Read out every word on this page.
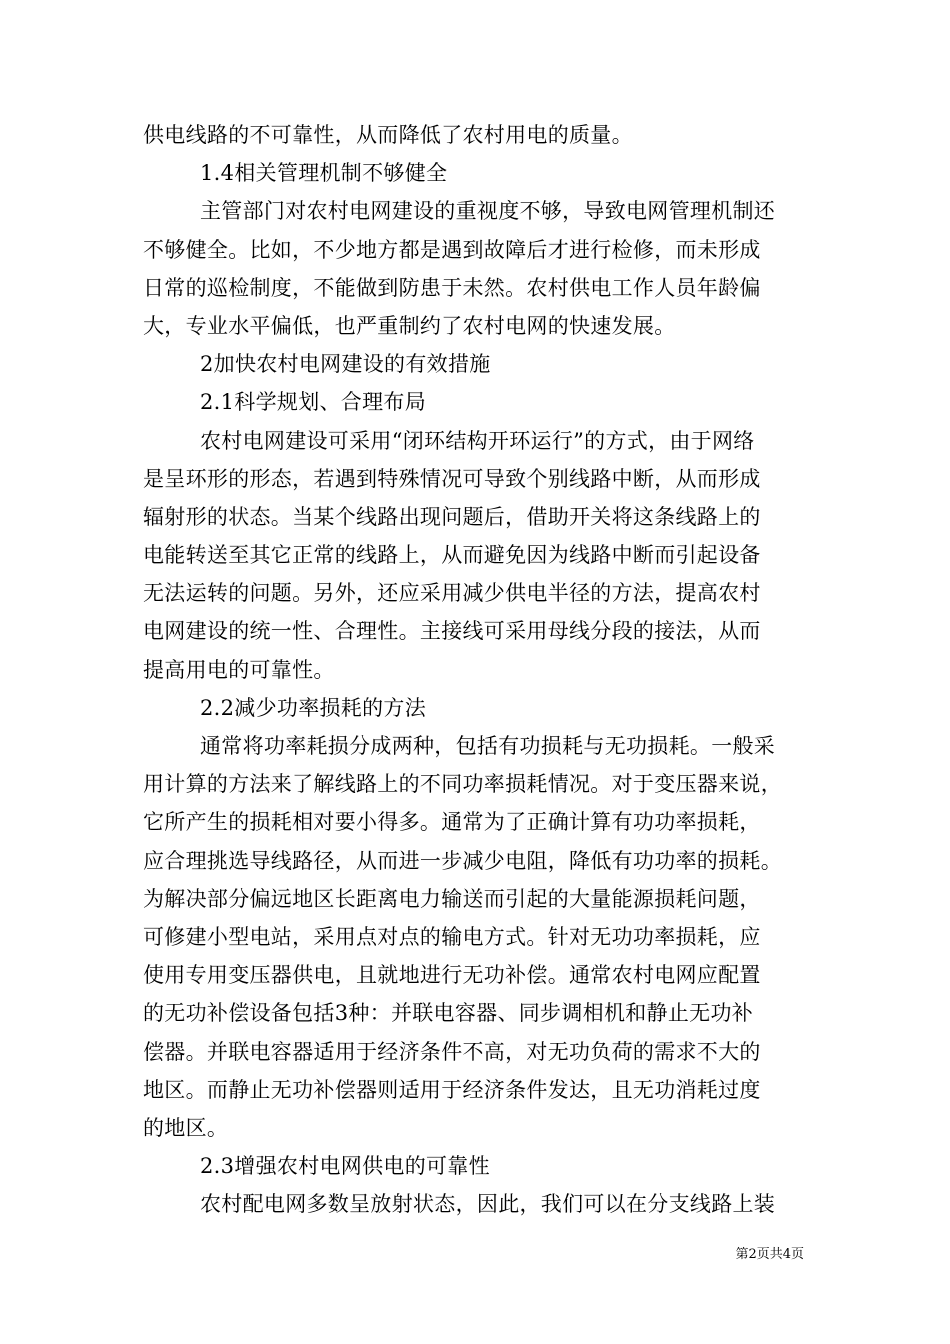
供电线路的不可靠性，从而降低了农村用电的质量。
1.4相关管理机制不够健全
主管部门对农村电网建设的重视度不够，导致电网管理机制还
不够健全。比如，不少地方都是遇到故障后才进行检修，而未形成
日常的巡检制度，不能做到防患于未然。农村供电工作人员年龄偏
大，专业水平偏低，也严重制约了农村电网的快速发展。
2加快农村电网建设的有效措施
2.1科学规划、合理布局
农村电网建设可采用“闭环结构开环运行”的方式，由于网络
是呈环形的形态，若遇到特殊情况可导致个别线路中断，从而形成
辐射形的状态。当某个线路出现问题后，借助开关将这条线路上的
电能转送至其它正常的线路上，从而避免因为线路中断而引起设备
无法运转的问题。另外，还应采用减少供电半径的方法，提高农村
电网建设的统一性、合理性。主接线可采用母线分段的接法，从而
提高用电的可靠性。
2.2减少功率损耗的方法
通常将功率耗损分成两种，包括有功损耗与无功损耗。一般采
用计算的方法来了解线路上的不同功率损耗情况。对于变压器来说，
它所产生的损耗相对要小得多。通常为了正确计算有功功率损耗，
应合理挑选导线路径，从而进一步减少电阻，降低有功功率的损耗。
为解决部分偏远地区长距离电力输送而引起的大量能源损耗问题，
可修建小型电站，采用点对点的输电方式。针对无功功率损耗，应
使用专用变压器供电，且就地进行无功补偿。通常农村电网应配置
的无功补偿设备包括3种：并联电容器、同步调相机和静止无功补
偿器。并联电容器适用于经济条件不高，对无功负荷的需求不大的
地区。而静止无功补偿器则适用于经济条件发达，且无功消耗过度
的地区。
2.3增强农村电网供电的可靠性
农村配电网多数呈放射状态，因此，我们可以在分支线路上装
第2页共4页
